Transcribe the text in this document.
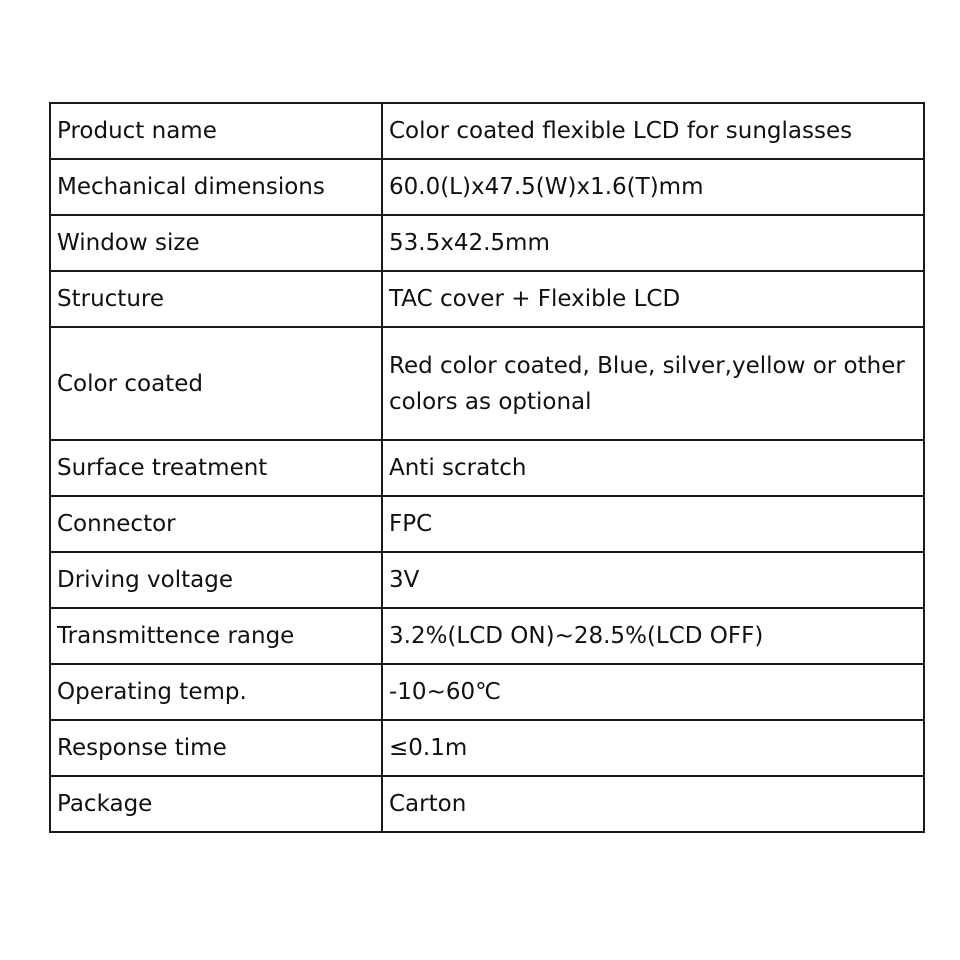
Product name	Color coated flexible LCD for sunglasses
Mechanical dimensions	60.0(L)x47.5(W)x1.6(T)mm
Window size	53.5x42.5mm
Structure	TAC cover + Flexible LCD
Color coated	Red color coated, Blue, silver,yellow or other colors as optional
Surface treatment	Anti scratch
Connector	FPC
Driving voltage	3V
Transmittence range	3.2%(LCD ON)~28.5%(LCD OFF)
Operating temp.	-10~60℃
Response time	≤0.1m
Package	Carton
